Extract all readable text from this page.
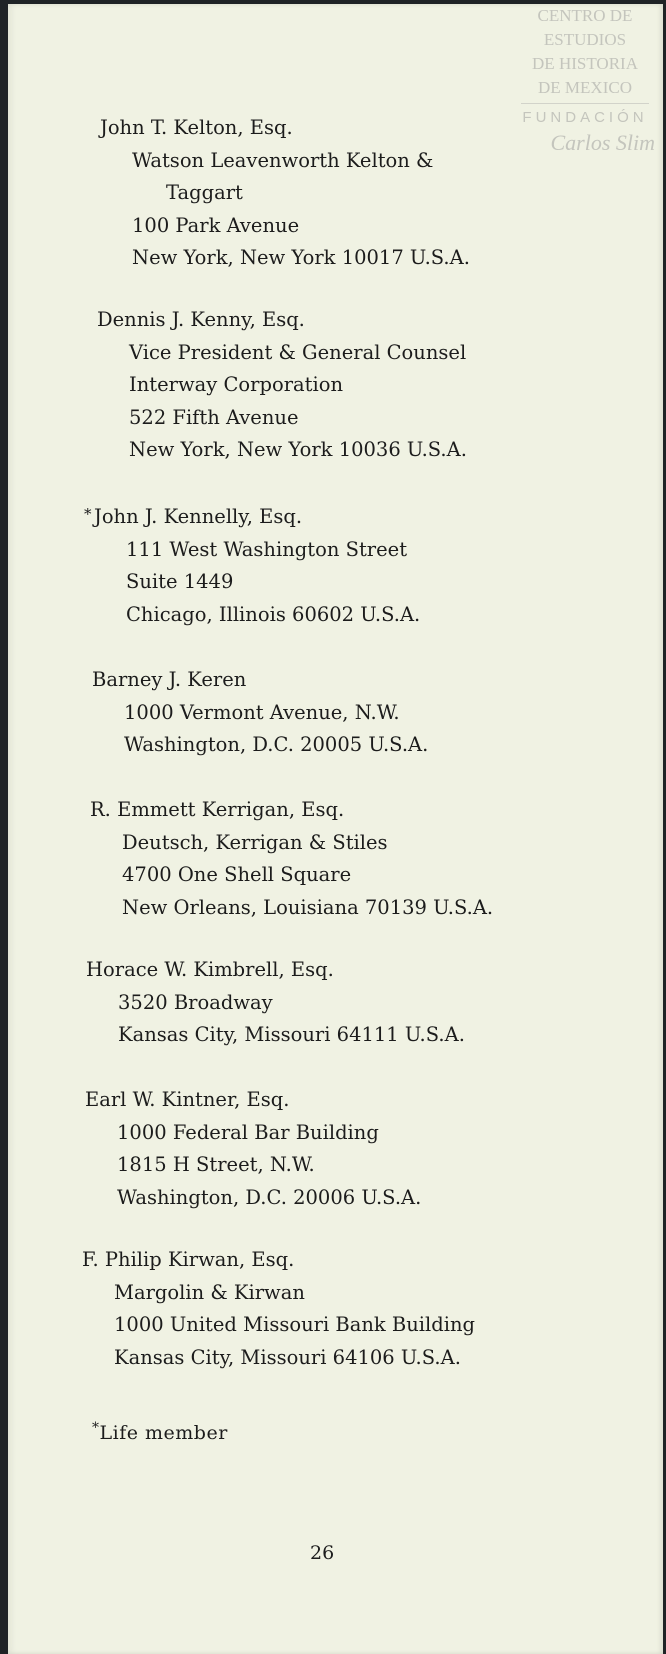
CENTRO DE
ESTUDIOS
DE HISTORIA
DE MEXICO
FUNDACIÓN
Carlos Slim
John T. Kelton, Esq.
Watson Leavenworth Kelton &
Taggart
100 Park Avenue
New York, New York 10017 U.S.A.
Dennis J. Kenny, Esq.
Vice President & General Counsel
Interway Corporation
522 Fifth Avenue
New York, New York 10036 U.S.A.
* John J. Kennelly, Esq.
111 West Washington Street
Suite 1449
Chicago, Illinois 60602 U.S.A.
Barney J. Keren
1000 Vermont Avenue, N.W.
Washington, D.C. 20005 U.S.A.
R. Emmett Kerrigan, Esq.
Deutsch, Kerrigan & Stiles
4700 One Shell Square
New Orleans, Louisiana 70139 U.S.A.
Horace W. Kimbrell, Esq.
3520 Broadway
Kansas City, Missouri 64111 U.S.A.
Earl W. Kintner, Esq.
1000 Federal Bar Building
1815 H Street, N.W.
Washington, D.C. 20006 U.S.A.
F. Philip Kirwan, Esq.
Margolin & Kirwan
1000 United Missouri Bank Building
Kansas City, Missouri 64106 U.S.A.
*Life member
26
